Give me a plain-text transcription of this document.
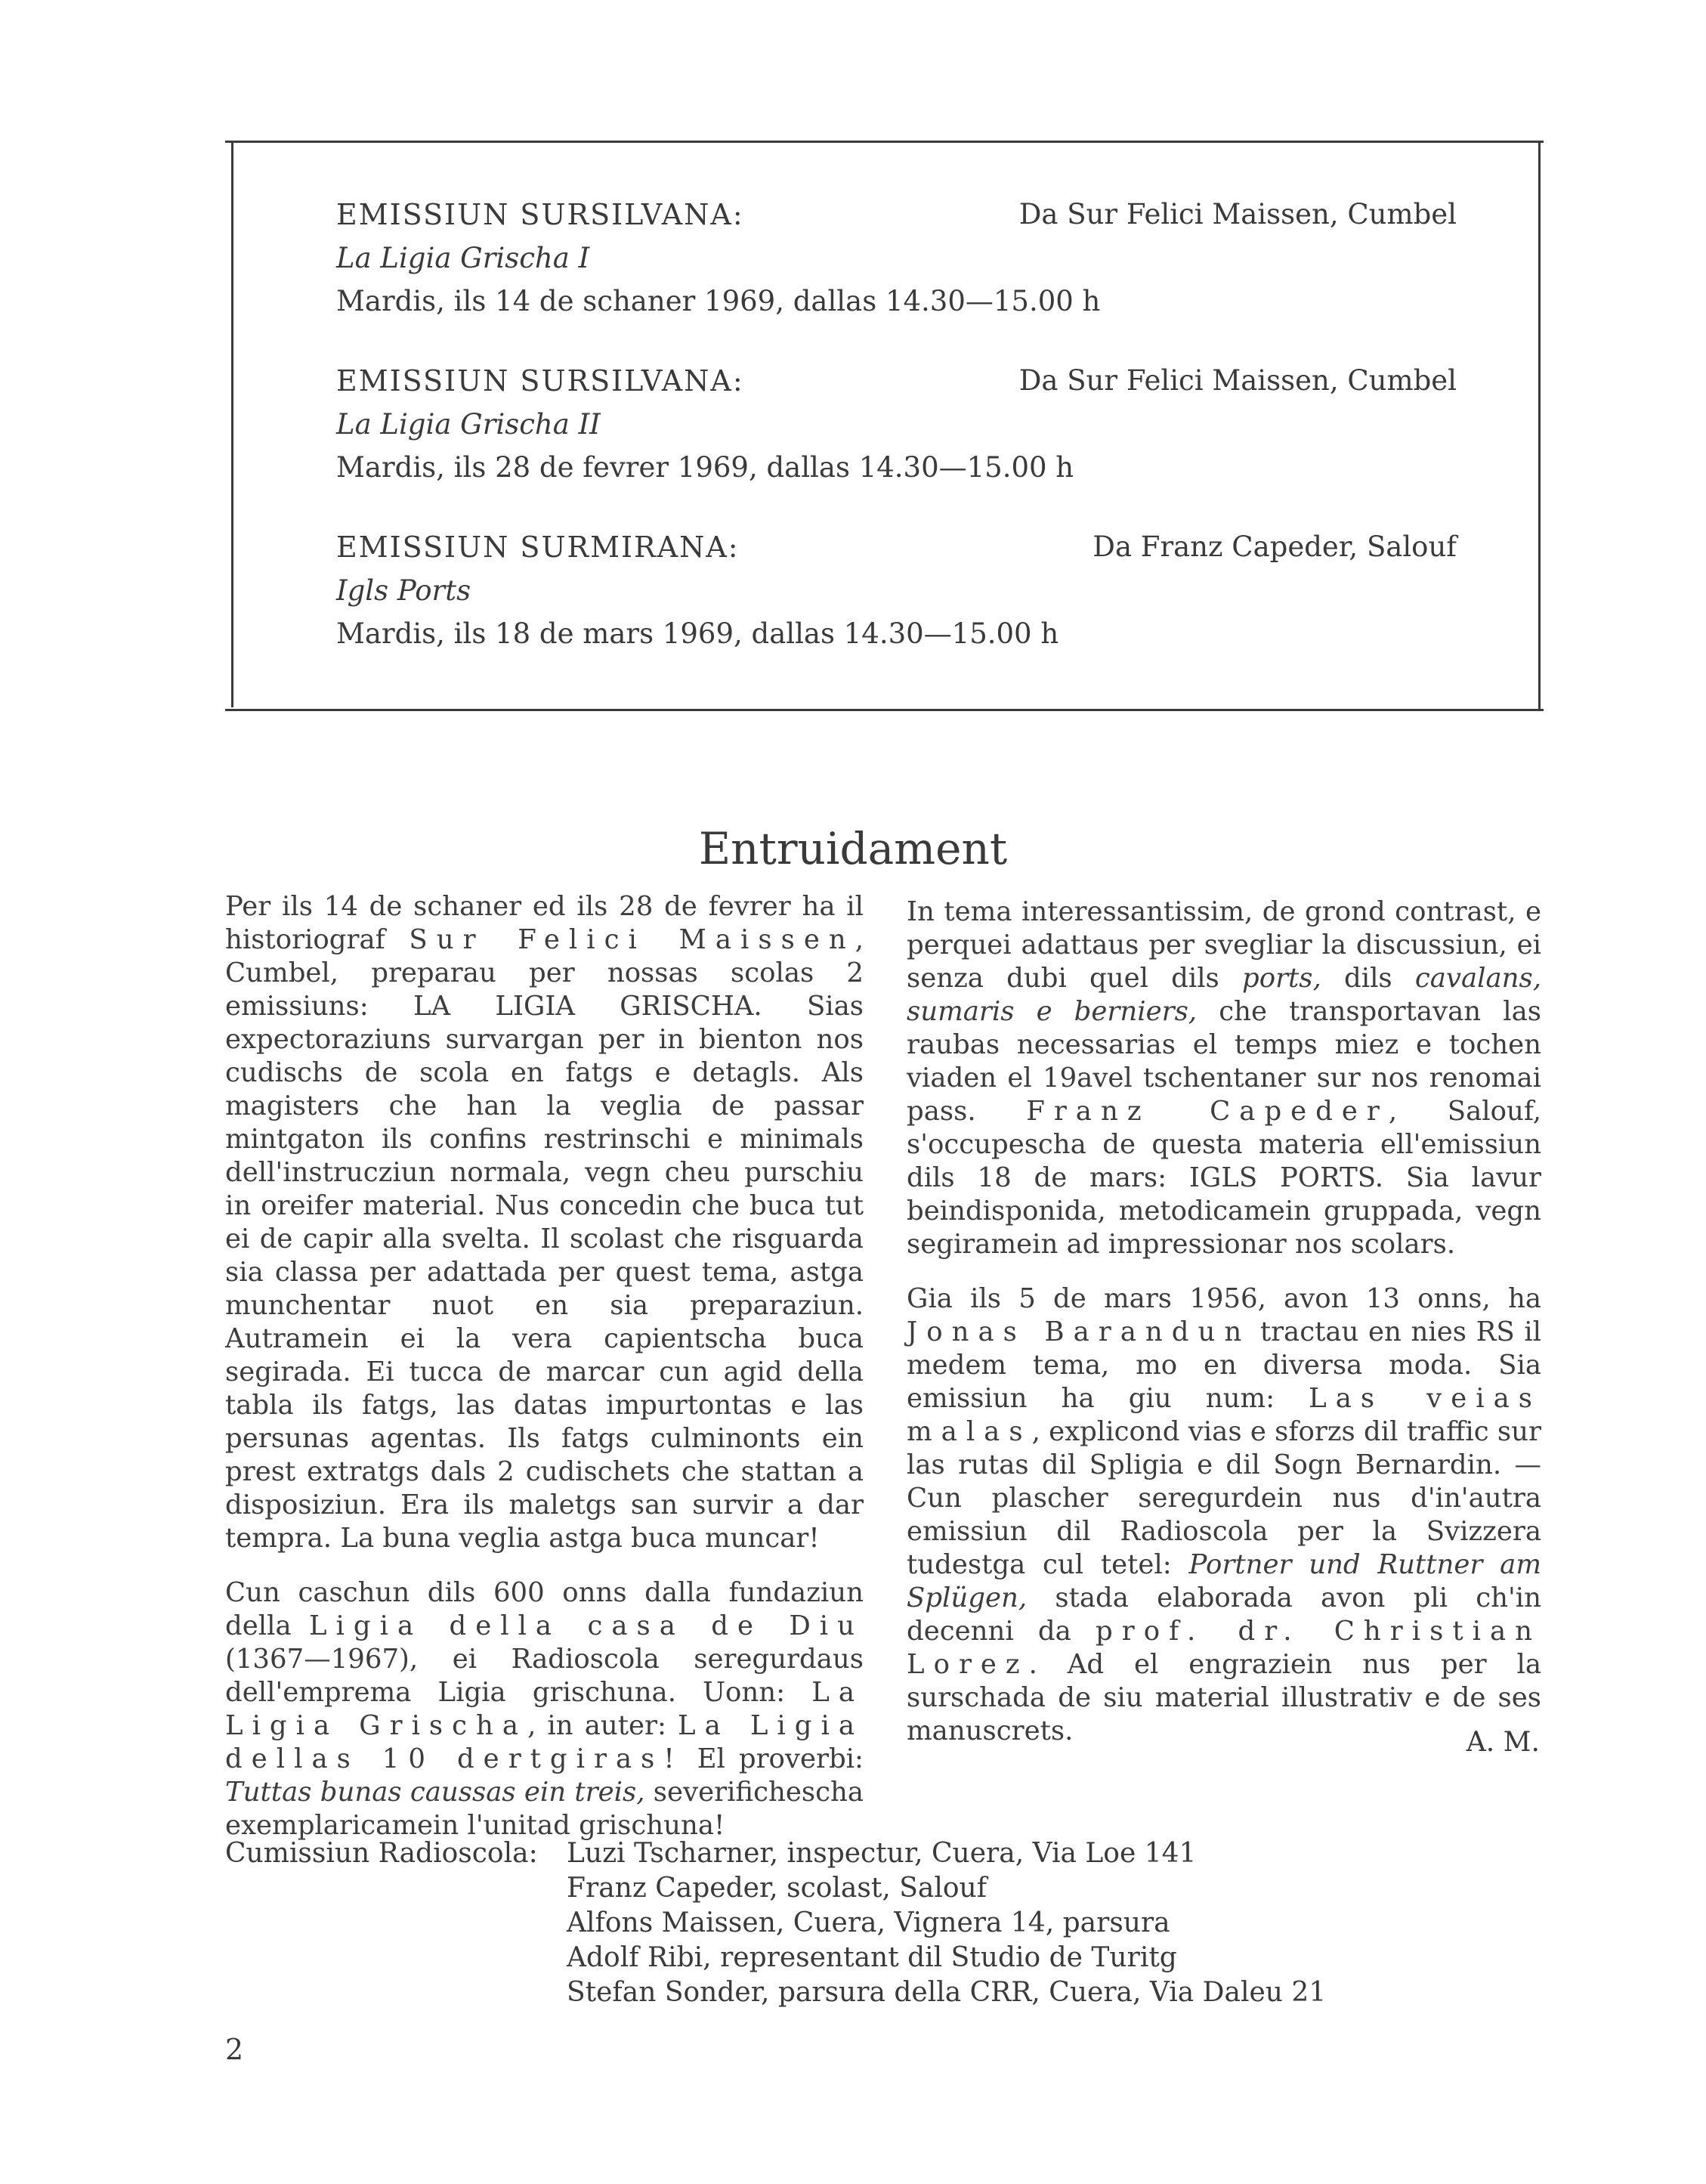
EMISSIUN SURSILVANA:	Da Sur Felici Maissen, Cumbel
La Ligia Grischa I
Mardis, ils 14 de schaner 1969, dallas 14.30—15.00 h
EMISSIUN SURSILVANA:	Da Sur Felici Maissen, Cumbel
La Ligia Grischa II
Mardis, ils 28 de fevrer 1969, dallas 14.30—15.00 h
EMISSIUN SURMIRANA:	Da Franz Capeder, Salouf
Igls Ports
Mardis, ils 18 de mars 1969, dallas 14.30—15.00 h
Entruidament

Per ils 14 de schaner ed ils 28 de fevrer ha il historiograf Sur Felici Maissen, Cumbel, preparau per nossas scolas 2 emissiuns: LA LIGIA GRISCHA. Sias expectoraziuns survargan per in bienton nos cudischs de scola en fatgs e detagls. Als magisters che han la veglia de passar mintgaton ils confins restrinschi e minimals dell'instrucziun normala, vegn cheu purschiu in oreifer material. Nus concedin che buca tut ei de capir alla svelta. Il scolast che risguarda sia classa per adattada per quest tema, astga munchentar nuot en sia preparaziun. Autramein ei la vera capientscha buca segirada. Ei tucca de marcar cun agid della tabla ils fatgs, las datas impurtontas e las persunas agentas. Ils fatgs culminonts ein prest extratgs dals 2 cudischets che stattan a disposiziun. Era ils maletgs san survir a dar tempra. La buna veglia astga buca muncar!

Cun caschun dils 600 onns dalla fundaziun della Ligia della casa de Diu (1367—1967), ei Radioscola seregurdaus dell'emprema Ligia grischuna. Uonn: La Ligia Grischa, in auter: La Ligia dellas 10 dertgiras! El proverbi: Tuttas bunas caussas ein treis, severifichescha exemplaricamein l'unitad grischuna!

In tema interessantissim, de grond contrast, e perquei adattaus per svegliar la discussiun, ei senza dubi quel dils ports, dils cavalans, sumaris e berniers, che transportavan las raubas necessarias el temps miez e tochen viaden el 19avel tschentaner sur nos renomai pass. Franz Capeder, Salouf, s'occupescha de questa materia ell'emissiun dils 18 de mars: IGLS PORTS. Sia lavur beindisponida, metodicamein gruppada, vegn segiramein ad impressionar nos scolars.

Gia ils 5 de mars 1956, avon 13 onns, ha Jonas Barandun tractau en nies RS il medem tema, mo en diversa moda. Sia emissiun ha giu num: Las veias malas, explicond vias e sforzs dil traffic sur las rutas dil Spligia e dil Sogn Bernardin. — Cun plascher seregurdein nus d'in'autra emissiun dil Radioscola per la Svizzera tudestga cul tetel: Portner und Ruttner am Splügen, stada elaborada avon pli ch'in decenni da prof. dr. Christian Lorez. Ad el engraziein nus per la surschada de siu material illustrativ e de ses manuscrets.	A. M.
Cumissiun Radioscola: Luzi Tscharner, inspectur, Cuera, Via Loe 141
Franz Capeder, scolast, Salouf
Alfons Maissen, Cuera, Vignera 14, parsura
Adolf Ribi, representant dil Studio de Turitg
Stefan Sonder, parsura della CRR, Cuera, Via Daleu 21
2
